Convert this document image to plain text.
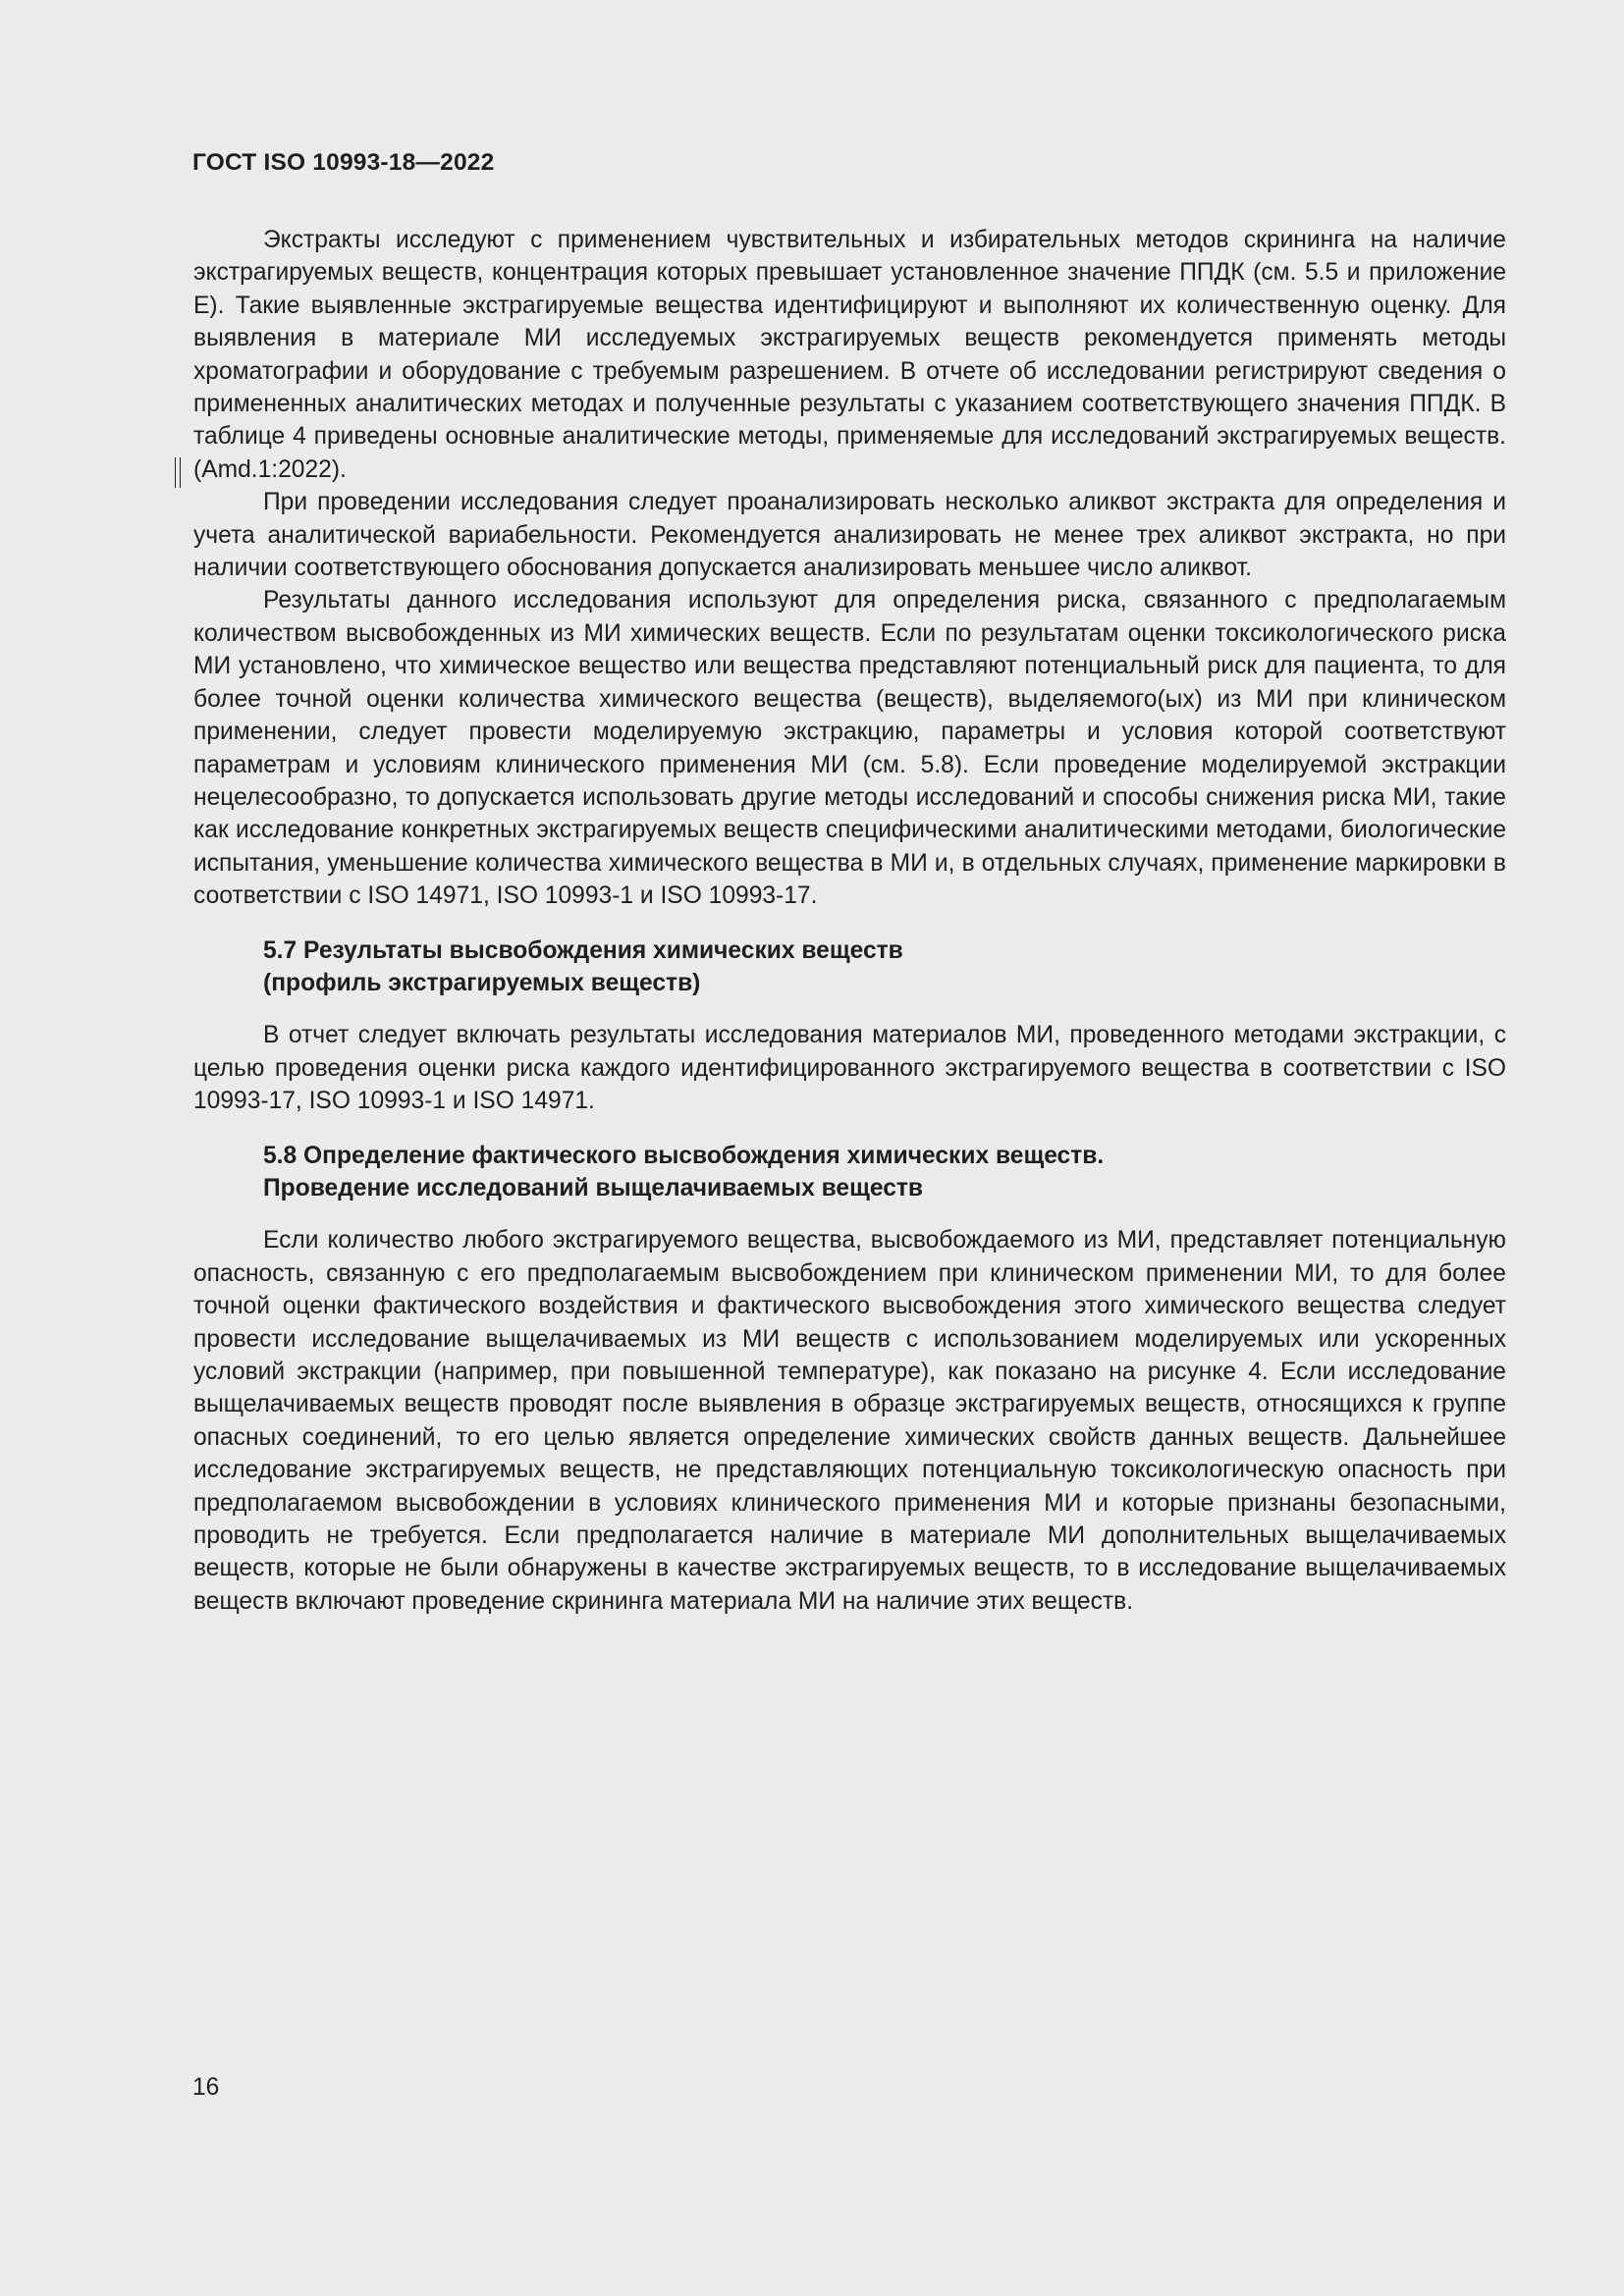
ГОСТ ISO 10993-18—2022

Экстракты исследуют с применением чувствительных и избирательных методов скрининга на наличие экстрагируемых веществ, концентрация которых превышает установленное значение ППДК (см. 5.5 и приложение Е). Такие выявленные экстрагируемые вещества идентифицируют и выполняют их количественную оценку. Для выявления в материале МИ исследуемых экстрагируемых веществ рекомендуется применять методы хроматографии и оборудование с требуемым разрешением. В отчете об исследовании регистрируют сведения о примененных аналитических методах и полученные результаты с указанием соответствующего значения ППДК. В таблице 4 приведены основные аналитические методы, применяемые для исследований экстрагируемых веществ. (Amd.1:2022).

При проведении исследования следует проанализировать несколько аликвот экстракта для определения и учета аналитической вариабельности. Рекомендуется анализировать не менее трех аликвот экстракта, но при наличии соответствующего обоснования допускается анализировать меньшее число аликвот.

Результаты данного исследования используют для определения риска, связанного с предполагаемым количеством высвобожденных из МИ химических веществ. Если по результатам оценки токсикологического риска МИ установлено, что химическое вещество или вещества представляют потенциальный риск для пациента, то для более точной оценки количества химического вещества (веществ), выделяемого(ых) из МИ при клиническом применении, следует провести моделируемую экстракцию, параметры и условия которой соответствуют параметрам и условиям клинического применения МИ (см. 5.8). Если проведение моделируемой экстракции нецелесообразно, то допускается использовать другие методы исследований и способы снижения риска МИ, такие как исследование конкретных экстрагируемых веществ специфическими аналитическими методами, биологические испытания, уменьшение количества химического вещества в МИ и, в отдельных случаях, применение маркировки в соответствии с ISO 14971, ISO 10993-1 и ISO 10993-17.

5.7 Результаты высвобождения химических веществ
(профиль экстрагируемых веществ)

В отчет следует включать результаты исследования материалов МИ, проведенного методами экстракции, с целью проведения оценки риска каждого идентифицированного экстрагируемого вещества в соответствии с ISO 10993-17, ISO 10993-1 и ISO 14971.

5.8 Определение фактического высвобождения химических веществ.
Проведение исследований выщелачиваемых веществ

Если количество любого экстрагируемого вещества, высвобождаемого из МИ, представляет потенциальную опасность, связанную с его предполагаемым высвобождением при клиническом применении МИ, то для более точной оценки фактического воздействия и фактического высвобождения этого химического вещества следует провести исследование выщелачиваемых из МИ веществ с использованием моделируемых или ускоренных условий экстракции (например, при повышенной температуре), как показано на рисунке 4. Если исследование выщелачиваемых веществ проводят после выявления в образце экстрагируемых веществ, относящихся к группе опасных соединений, то его целью является определение химических свойств данных веществ. Дальнейшее исследование экстрагируемых веществ, не представляющих потенциальную токсикологическую опасность при предполагаемом высвобождении в условиях клинического применения МИ и которые признаны безопасными, проводить не требуется. Если предполагается наличие в материале МИ дополнительных выщелачиваемых веществ, которые не были обнаружены в качестве экстрагируемых веществ, то в исследование выщелачиваемых веществ включают проведение скрининга материала МИ на наличие этих веществ.

16
